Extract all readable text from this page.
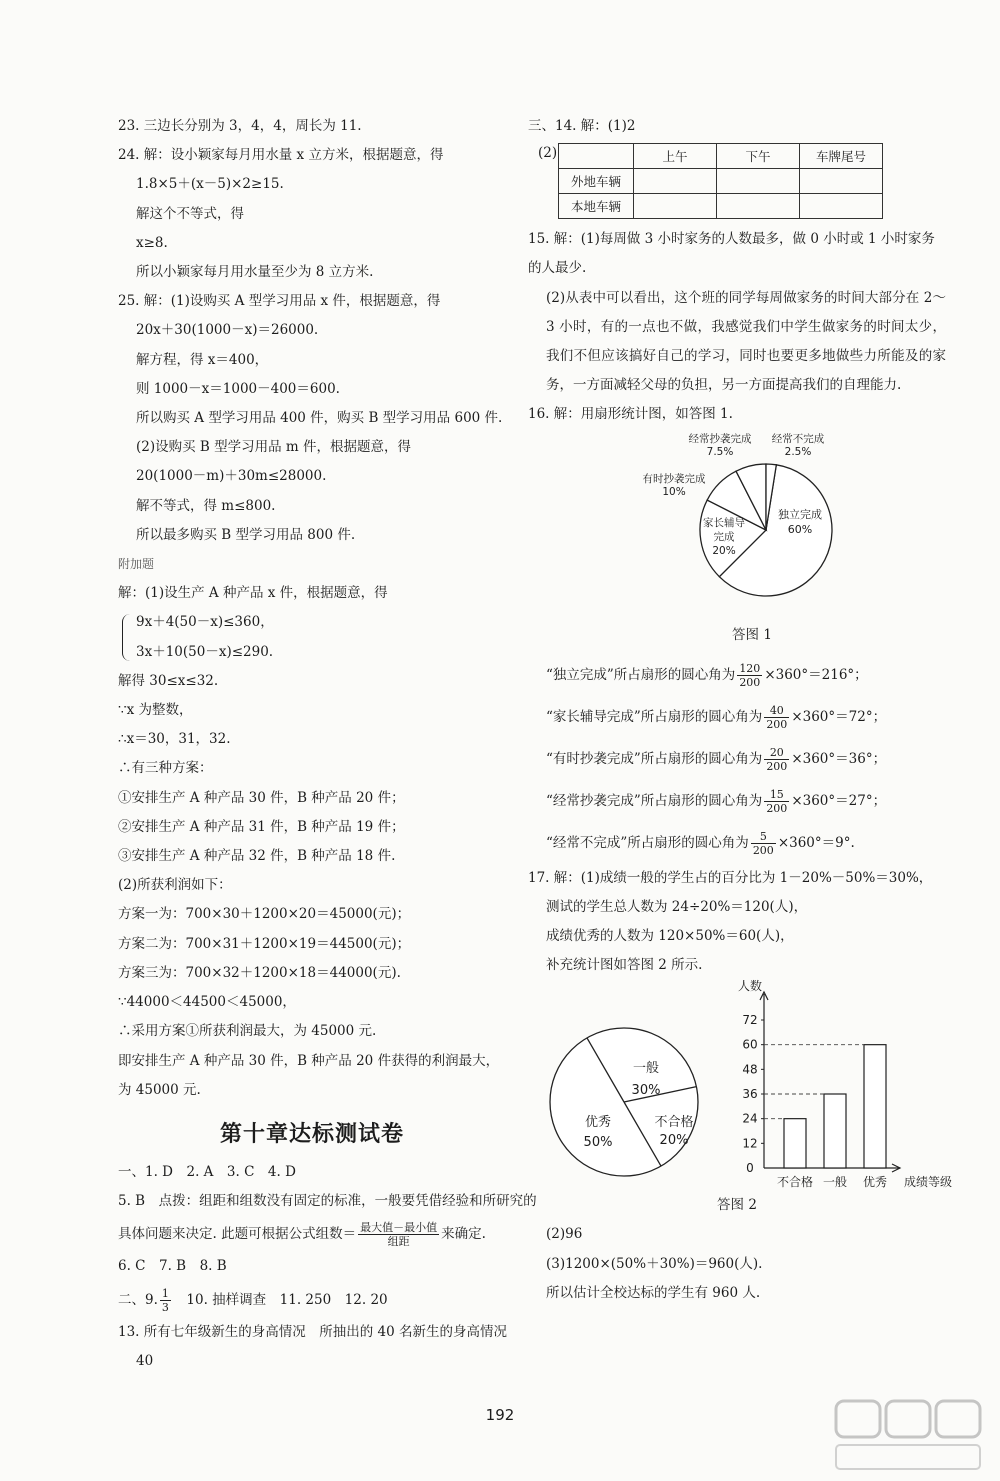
23. 三边长分别为 3，4，4，周长为 11.
24. 解：设小颖家每月用水量 x 立方米，根据题意，得
1.8×5＋(x－5)×2≥15.
解这个不等式，得
x≥8.
所以小颖家每月用水量至少为 8 立方米.
25. 解：(1)设购买 A 型学习用品 x 件，根据题意，得
20x＋30(1000－x)＝26000.
解方程，得 x＝400，
则 1000－x＝1000－400＝600.
所以购买 A 型学习用品 400 件，购买 B 型学习用品 600 件.
(2)设购买 B 型学习用品 m 件，根据题意，得
20(1000－m)＋30m≤28000.
解不等式，得 m≤800.
所以最多购买 B 型学习用品 800 件.
附加题
解：(1)设生产 A 种产品 x 件，根据题意，得
9x＋4(50－x)≤360，
3x＋10(50－x)≤290.
解得 30≤x≤32.
∵x 为整数，
∴x＝30，31，32.
∴有三种方案：
①安排生产 A 种产品 30 件，B 种产品 20 件；
②安排生产 A 种产品 31 件，B 种产品 19 件；
③安排生产 A 种产品 32 件，B 种产品 18 件.
(2)所获利润如下：
方案一为：700×30＋1200×20＝45000(元)；
方案二为：700×31＋1200×19＝44500(元)；
方案三为：700×32＋1200×18＝44000(元).
∵44000＜44500＜45000，
∴采用方案①所获利润最大，为 45000 元.
即安排生产 A 种产品 30 件，B 种产品 20 件获得的利润最大，为 45000 元.
第十章达标测试卷
一、1. D　2. A　3. C　4. D
5. B　点拨：组距和组数没有固定的标准，一般要凭借经验和所研究的
具体问题来决定. 此题可根据公式组数＝ $\frac{\text{最大值－最小值}}{\text{组距}}$ 来确定.
6. C　7. B　8. B
二、9. $\frac{1}{3}$
　 10. 抽样调查　11. 250　12. 20
13. 所有七年级新生的身高情况　所抽出的 40 名新生的身高情况
40
三、14. 解：(1)2
(2)
		上午	下午	车牌尾号
外地车辆			
本地车辆			
15. 解：(1)每周做 3 小时家务的人数最多，做 0 小时或 1 小时家务的人最少.
(2)从表中可以看出，这个班的同学每周做家务的时间大部分在 2～3 小时，有的一点也不做，我感觉我们中学生做家务的时间太少，我们不但应该搞好自己的学习，同时也要更多地做些力所能及的家务，一方面减轻父母的负担，另一方面提高我们的自理能力.
16. 解：用扇形统计图，如答图 1.
独立完成
60%
家长辅导
完成
20%
有时抄袭完成
10%
经常抄袭完成
7.5%
经常不完成
2.5%
答图 1
“独立完成”所占扇形的圆心角为 $\frac{120}{200} \times 360^\circ=216^\circ$；
“家长辅导完成”所占扇形的圆心角为 $\frac{40}{200} \times 360^\circ=72^\circ$；
“有时抄袭完成”所占扇形的圆心角为 $\frac{20}{200} \times 360^\circ=36^\circ$；
“经常抄袭完成”所占扇形的圆心角为 $\frac{15}{200} \times 360^\circ=27^\circ$；
“经常不完成”所占扇形的圆心角为 $\frac{5}{200} \times 360^\circ=9^\circ$.
17. 解：(1)成绩一般的学生占的百分比为 1－20%－50%＝30%，
测试的学生总人数为 24÷20%＝120(人)，
成绩优秀的人数为 120×50%＝60(人)，
补充统计图如答图 2 所示.
一般
30%
不合格
20%
优秀
50%
人数
0
12
24
36
48
60
72
不合格 一般 优秀 成绩等级
答图 2
(2)96
(3)1200×(50%＋30%)＝960(人).
所以估计全校达标的学生有 960 人.
192
